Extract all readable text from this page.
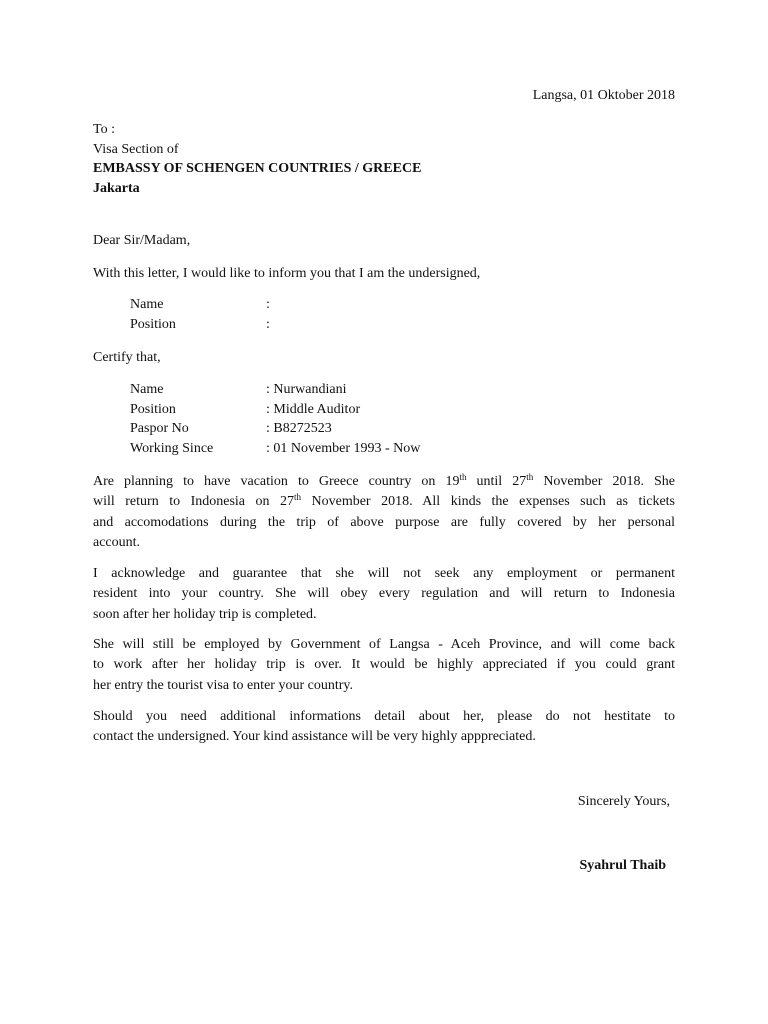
Langsa, 01 Oktober 2018
To :
Visa Section of
EMBASSY OF SCHENGEN COUNTRIES / GREECE
Jakarta
Dear Sir/Madam,
With this letter, I would like to inform you that I am the undersigned,
Name	:
Position	:
Certify that,
Name	: Nurwandiani
Position	: Middle Auditor
Paspor No	: B8272523
Working Since	: 01 November 1993 - Now
Are planning to have vacation to Greece country on 19th until 27th November 2018. She
will return to Indonesia on 27th November 2018. All kinds the expenses such as tickets
and accomodations during the trip of above purpose are fully covered by her personal
account.
I acknowledge and guarantee that she will not seek any employment or permanent
resident into your country. She will obey every regulation and will return to Indonesia
soon after her holiday trip is completed.
She will still be employed by Government of Langsa - Aceh Province, and will come back
to work after her holiday trip is over. It would be highly appreciated if you could grant
her entry the tourist visa to enter your country.
Should you need additional informations detail about her, please do not hestitate to
contact the undersigned. Your kind assistance will be very highly apppreciated.
Sincerely Yours,
Syahrul Thaib
